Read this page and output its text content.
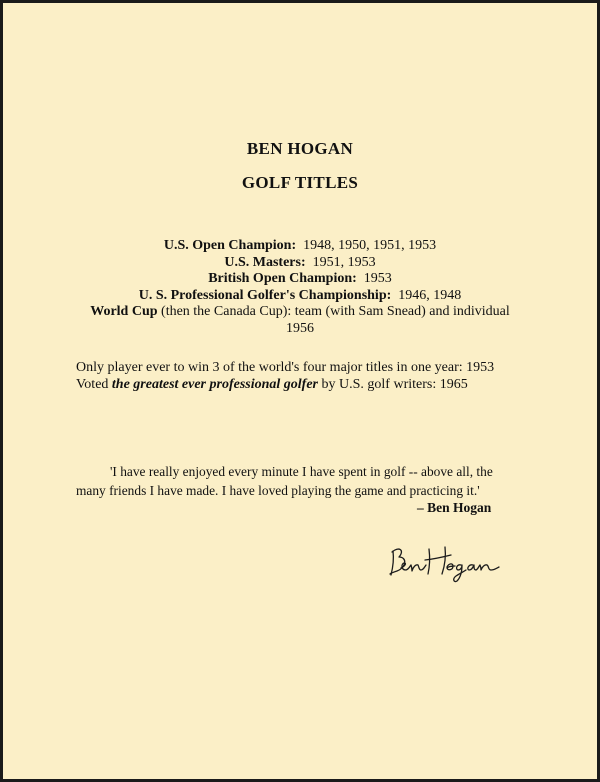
BEN HOGAN
GOLF TITLES
U.S. Open Champion: 1948, 1950, 1951, 1953
U.S. Masters: 1951, 1953
British Open Champion: 1953
U. S. Professional Golfer's Championship: 1946, 1948
World Cup (then the Canada Cup): team (with Sam Snead) and individual
1956
Only player ever to win 3 of the world's four major titles in one year: 1953
Voted the greatest ever professional golfer by U.S. golf writers: 1965
'I have really enjoyed every minute I have spent in golf -- above all, the
many friends I have made. I have loved playing the game and practicing it.'
– Ben Hogan
